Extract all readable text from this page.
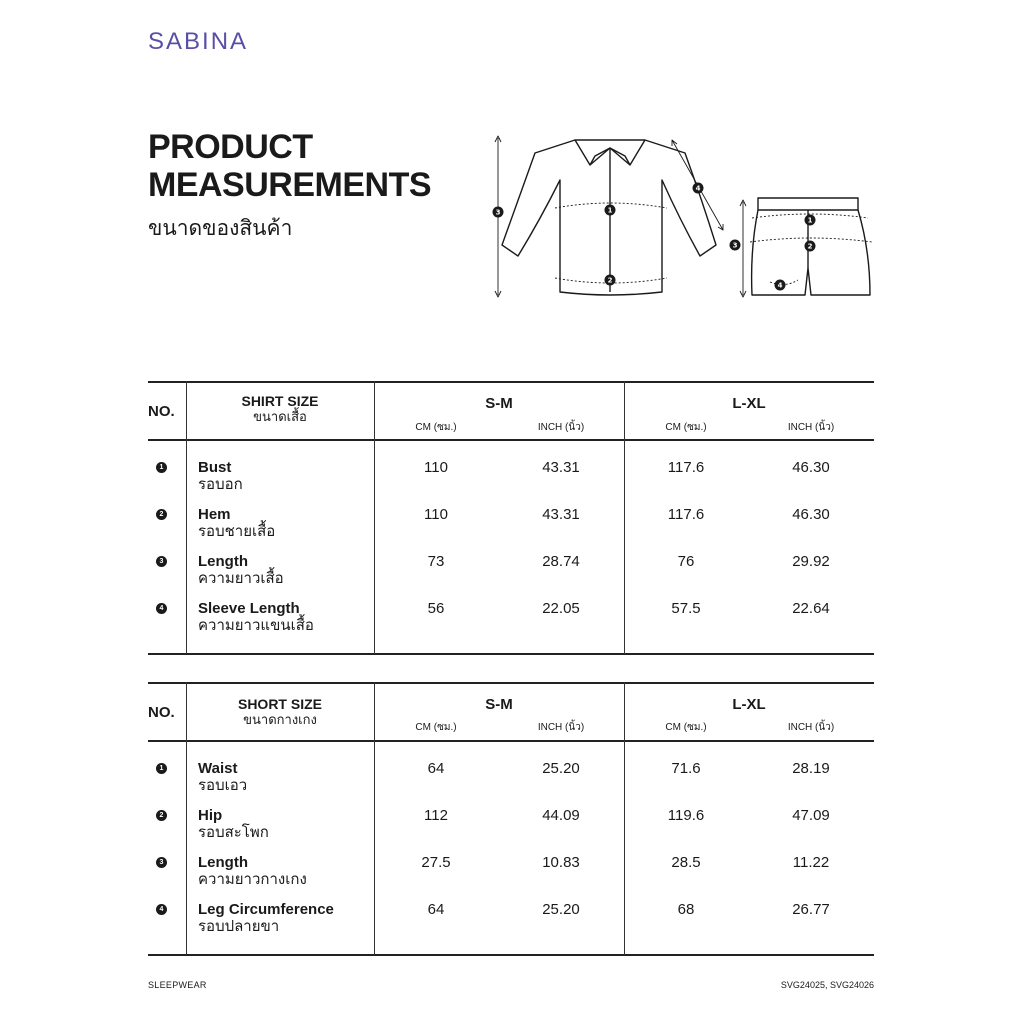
SABINA
PRODUCT
MEASUREMENTS
ขนาดของสินค้า
1
2
3
4
1
2
3
4
NO.
SHIRT SIZE
ขนาดเสื้อ
S-M	L-XL
CM (ซม.)	INCH (นิ้ว)	CM (ซม.)	INCH (นิ้ว)
1 Bust
รอบอก
110	43.31	117.6	46.30
2 Hem
รอบชายเสื้อ
110	43.31	117.6	46.30
3 Length
ความยาวเสื้อ
73	28.74	76	29.92
4 Sleeve Length
ความยาวแขนเสื้อ
56	22.05	57.5	22.64
NO.	SHORT SIZE
ขนาดกางเกง
S-M	L-XL
CM (ซม.)	INCH (นิ้ว)	CM (ซม.)	INCH (นิ้ว)
1 Waist
รอบเอว
64	25.20	71.6	28.19
2 Hip
รอบสะโพก
112	44.09	119.6	47.09
3 Length
ความยาวกางเกง
27.5	10.83	28.5	11.22
4 Leg Circumference
รอบปลายขา
64	25.20	68	26.77
SLEEPWEAR	SVG24025, SVG24026
